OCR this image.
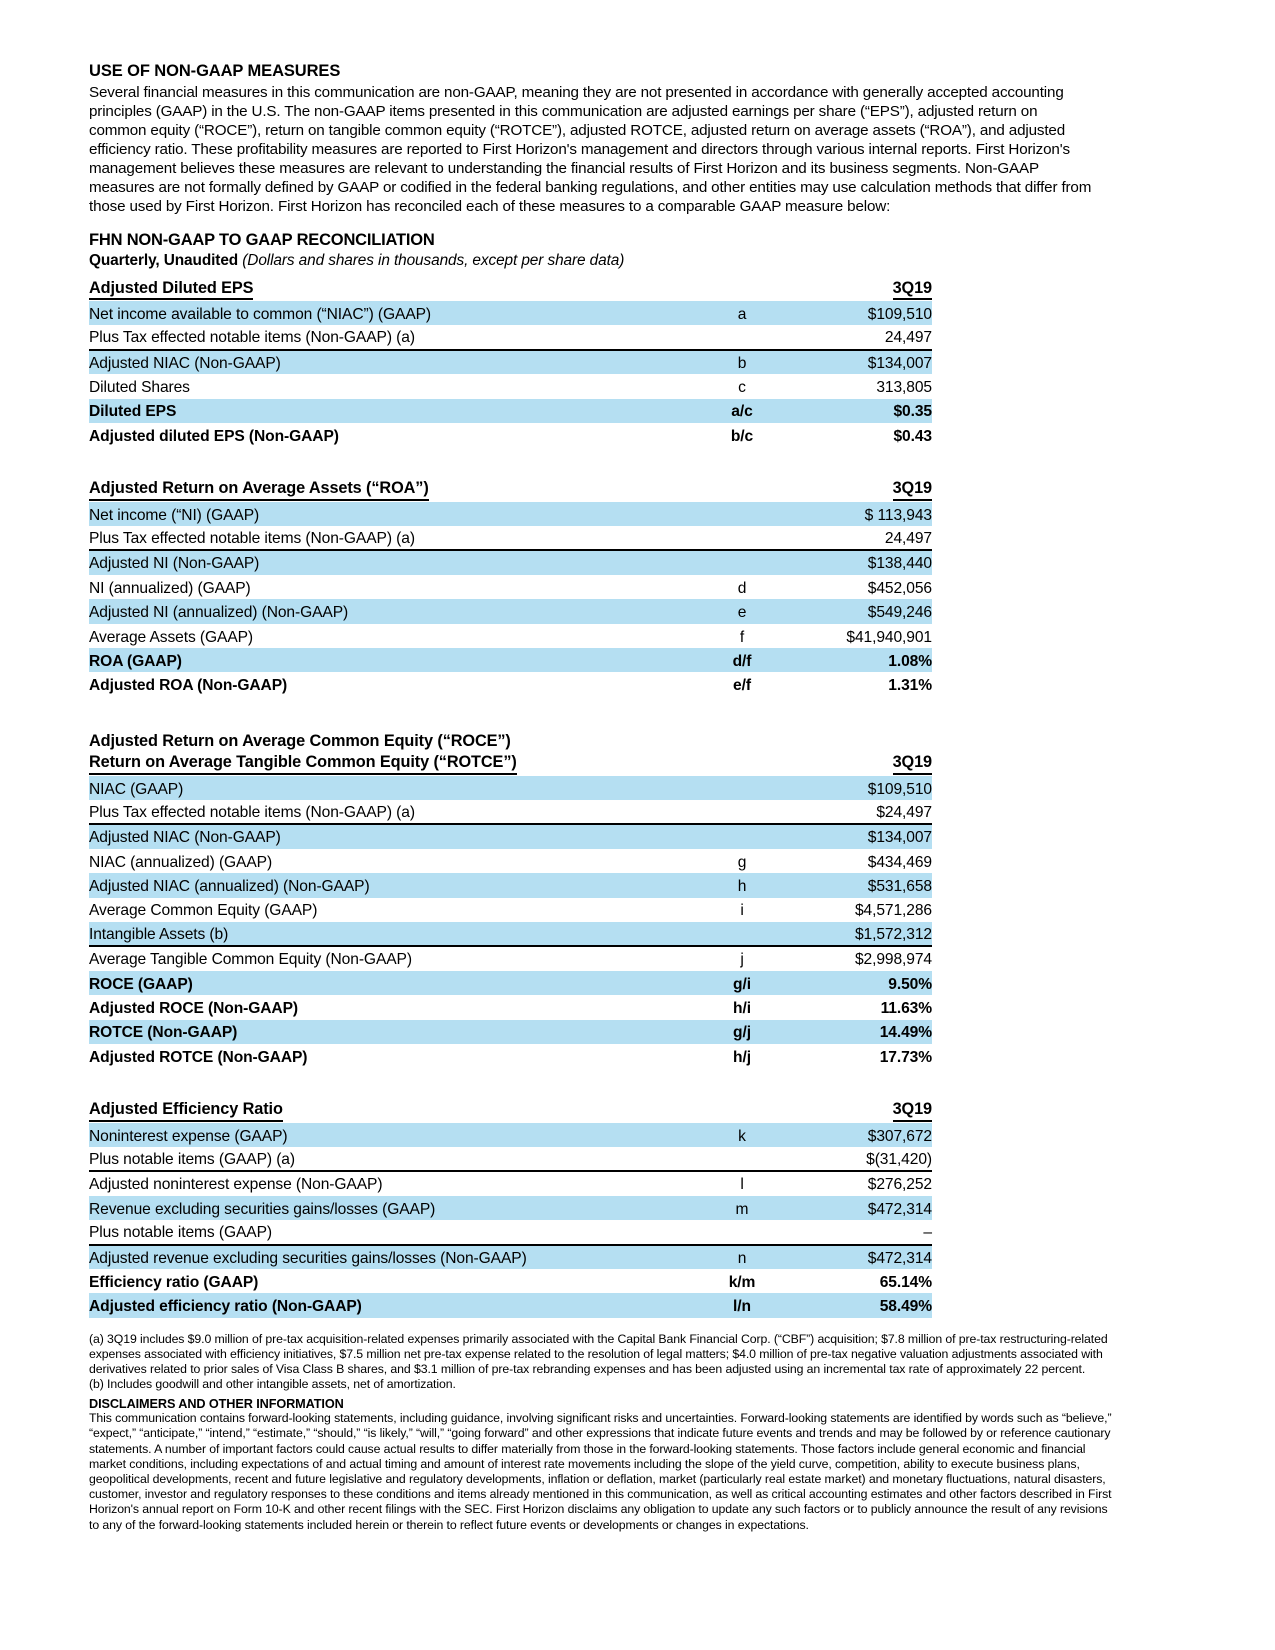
USE OF NON-GAAP MEASURES

Several financial measures in this communication are non-GAAP, meaning they are not presented in accordance with generally accepted accounting principles (GAAP) in the U.S. The non-GAAP items presented in this communication are adjusted earnings per share (“EPS”), adjusted return on common equity (“ROCE”), return on tangible common equity (“ROTCE”), adjusted ROTCE, adjusted return on average assets (“ROA”), and adjusted efficiency ratio. These profitability measures are reported to First Horizon's management and directors through various internal reports. First Horizon's management believes these measures are relevant to understanding the financial results of First Horizon and its business segments. Non-GAAP measures are not formally defined by GAAP or codified in the federal banking regulations, and other entities may use calculation methods that differ from those used by First Horizon. First Horizon has reconciled each of these measures to a comparable GAAP measure below:

FHN NON-GAAP TO GAAP RECONCILIATION
Quarterly, Unaudited (Dollars and shares in thousands, except per share data)
Adjusted Diluted EPS		3Q19
Net income available to common (“NIAC”) (GAAP)	a	$109,510
Plus Tax effected notable items (Non-GAAP) (a)		24,497
Adjusted NIAC (Non-GAAP)	b	$134,007
Diluted Shares	c	313,805
Diluted EPS	a/c	$0.35
Adjusted diluted EPS (Non-GAAP)	b/c	$0.43

Adjusted Return on Average Assets (“ROA”)		3Q19
Net income (“NI) (GAAP)		$ 113,943
Plus Tax effected notable items (Non-GAAP) (a)		24,497
Adjusted NI (Non-GAAP)		$138,440
NI (annualized) (GAAP)	d	$452,056
Adjusted NI (annualized) (Non-GAAP)	e	$549,246
Average Assets (GAAP)	f	$41,940,901
ROA (GAAP)	d/f	1.08%
Adjusted ROA (Non-GAAP)	e/f	1.31%

Adjusted Return on Average Common Equity (“ROCE”)		
Return on Average Tangible Common Equity (“ROTCE”)		3Q19
NIAC (GAAP)		$109,510
Plus Tax effected notable items (Non-GAAP) (a)		$24,497
Adjusted NIAC (Non-GAAP)		$134,007
NIAC (annualized) (GAAP)	g	$434,469
Adjusted NIAC (annualized) (Non-GAAP)	h	$531,658
Average Common Equity (GAAP)	i	$4,571,286
Intangible Assets (b)		$1,572,312
Average Tangible Common Equity (Non-GAAP)	j	$2,998,974
ROCE (GAAP)	g/i	9.50%
Adjusted ROCE (Non-GAAP)	h/i	11.63%
ROTCE (Non-GAAP)	g/j	14.49%
Adjusted ROTCE (Non-GAAP)	h/j	17.73%

Adjusted Efficiency Ratio		3Q19
Noninterest expense (GAAP)	k	$307,672
Plus notable items (GAAP) (a)		$(31,420)
Adjusted noninterest expense (Non-GAAP)	l	$276,252
Revenue excluding securities gains/losses (GAAP)	m	$472,314
Plus notable items (GAAP)		–
Adjusted revenue excluding securities gains/losses (Non-GAAP)	n	$472,314
Efficiency ratio (GAAP)	k/m	65.14%
Adjusted efficiency ratio (Non-GAAP)	l/n	58.49%

(a) 3Q19 includes $9.0 million of pre-tax acquisition-related expenses primarily associated with the Capital Bank Financial Corp. (“CBF”) acquisition; $7.8 million of pre-tax restructuring-related expenses associated with efficiency initiatives, $7.5 million net pre-tax expense related to the resolution of legal matters; $4.0 million of pre-tax negative valuation adjustments associated with derivatives related to prior sales of Visa Class B shares, and $3.1 million of pre-tax rebranding expenses and has been adjusted using an incremental tax rate of approximately 22 percent.

(b) Includes goodwill and other intangible assets, net of amortization.

DISCLAIMERS AND OTHER INFORMATION

This communication contains forward-looking statements, including guidance, involving significant risks and uncertainties. Forward-looking statements are identified by words such as “believe,” “expect,” “anticipate,” “intend,” “estimate,” “should,” “is likely,” “will,” “going forward” and other expressions that indicate future events and trends and may be followed by or reference cautionary statements. A number of important factors could cause actual results to differ materially from those in the forward-looking statements. Those factors include general economic and financial market conditions, including expectations of and actual timing and amount of interest rate movements including the slope of the yield curve, competition, ability to execute business plans, geopolitical developments, recent and future legislative and regulatory developments, inflation or deflation, market (particularly real estate market) and monetary fluctuations, natural disasters, customer, investor and regulatory responses to these conditions and items already mentioned in this communication, as well as critical accounting estimates and other factors described in First Horizon's annual report on Form 10-K and other recent filings with the SEC. First Horizon disclaims any obligation to update any such factors or to publicly announce the result of any revisions to any of the forward-looking statements included herein or therein to reflect future events or developments or changes in expectations.
